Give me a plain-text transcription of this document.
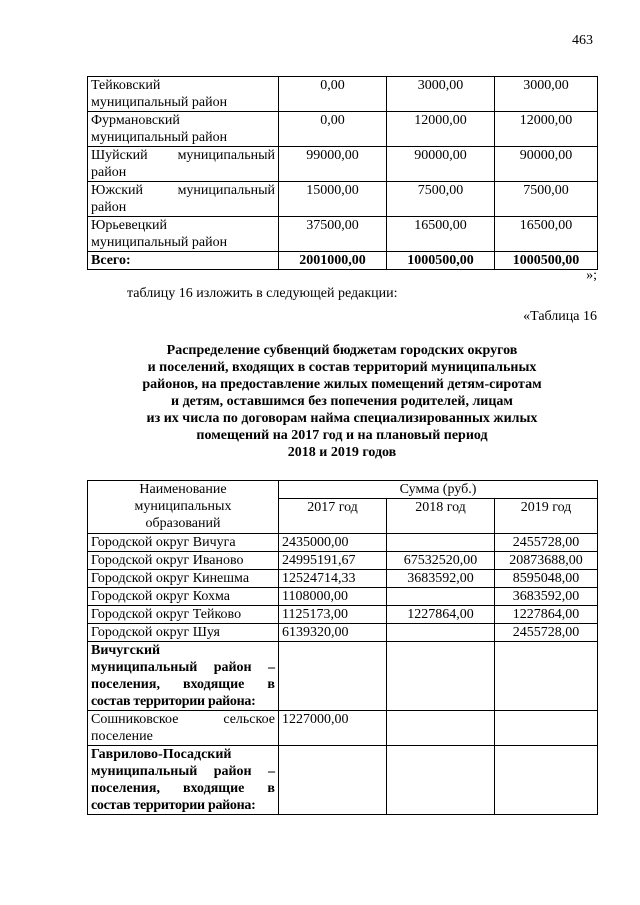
463
Тейковский
муниципальный район	0,00	3000,00	3000,00

Фурмановский
муниципальный район	0,00	12000,00	12000,00

Шуйский муниципальный
район	99000,00	90000,00	90000,00

Южский муниципальный
район	15000,00	7500,00	7500,00

Юрьевецкий
муниципальный район	37500,00	16500,00	16500,00
Всего:	2001000,00	1000500,00	1000500,00
»;
таблицу 16 изложить в следующей редакции:
«Таблица 16
Распределение субвенций бюджетам городских округов
и поселений, входящих в состав территорий муниципальных
районов, на предоставление жилых помещений детям-сиротам
и детям, оставшимся без попечения родителей, лицам
из их числа по договорам найма специализированных жилых
помещений на 2017 год и на плановый период
2018 и 2019 годов
Наименование
муниципальных
образований	Сумма (руб.)		
	2017 год	2018 год	2019 год
Городской округ Вичуга	2435000,00		2455728,00
Городской округ Иваново	24995191,67	67532520,00	20873688,00
Городской округ Кинешма	12524714,33	3683592,00	8595048,00
Городской округ Кохма	1108000,00		3683592,00
Городской округ Тейково	1125173,00	1227864,00	1227864,00
Городской округ Шуя	6139320,00		2455728,00

Вичугский
муниципальный район –
поселения, входящие в
состав территории района:			

Сошниковское сельское
поселение	1227000,00		

Гаврилово-Посадский
муниципальный район –
поселения, входящие в
состав территории района:			
